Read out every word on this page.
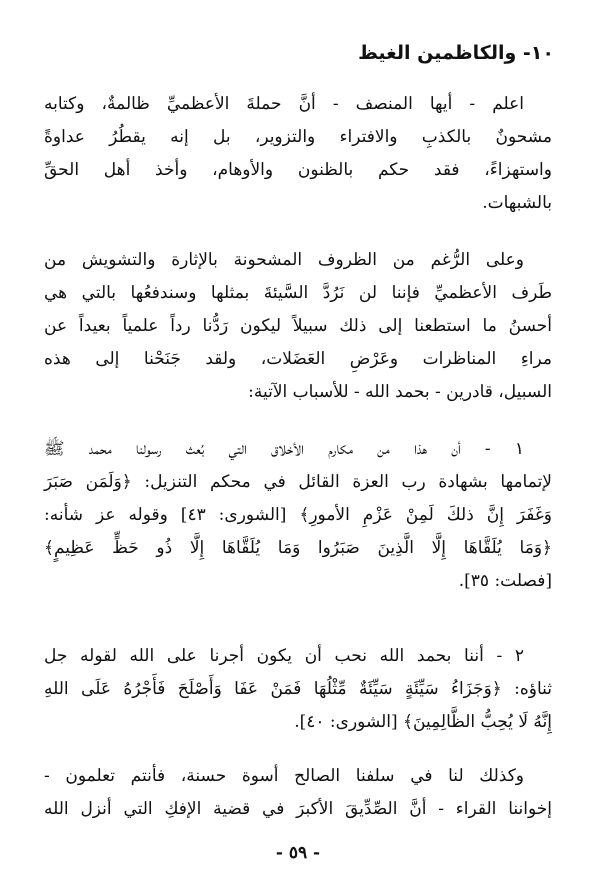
١٠- والكاظمين الغيظ
اعلم - أيها المنصف - أنَّ حملةَ الأعظميِّ ظالمةٌ، وكتابه
مشحونٌ بالكذبِ والافتراء والتزوير، بل إنه يقطُرُ عداوةً
واستهزاءً، فقد حكم بالظنون والأوهام، وأخذ أهل الحقِّ
بالشبهات.
وعلى الرُّغم من الظروف المشحونة بالإثارة والتشويش من
طَرف الأعظميِّ فإننا لن نَرُدَّ السَّيئةَ بمثلها وسندفعُها بالتي هي
أحسنُ ما استطعنا إلى ذلك سبيلاً ليكون رَدُّنا رداً علمياً بعيداً عن
مراءِ المناظرات وعَرْضِ العَضَلات، ولقد جَنَحْنا إلى هذه
السبيل، قادرين - بحمد الله - للأسباب الآتية:
١ - أن هذا من مكارم الأخلاق التي بُعث رسولنا محمد ﷺ
لإتمامها بشهادة رب العزة القائل في محكم التنزيل: ﴿وَلَمَن صَبَرَ
وَغَفَرَ إِنَّ ذلكَ لَمِنْ عَزْمِ الأمورِ﴾ [الشورى: ٤٣] وقوله عز شأنه:
﴿وَمَا يُلَقَّاهَا إِلَّا الَّذِينَ صَبَرُوا وَمَا يُلَقَّاهَا إِلَّا ذُو حَظٍّ عَظِيمٍ﴾
[فصلت: ٣٥].
٢ - أننا بحمد الله نحب أن يكون أجرنا على الله لقوله جل
ثناؤه: ﴿وَجَزَاءُ سَيِّئَةٍ سَيِّئَةٌ مِّثْلُهَا فَمَنْ عَفَا وَأَصْلَحَ فَأَجْرُهُ عَلَى اللهِ
إِنَّهُ لَا يُحِبُّ الظَّالِمِينَ﴾ [الشورى: ٤٠].
وكذلك لنا في سلفنا الصالح أسوة حسنة، فأنتم تعلمون -
إخواننا القراء - أنَّ الصِّدِّيقَ الأكبرَ في قضية الإفكِ التي أنزل الله
- ٥٩ -
